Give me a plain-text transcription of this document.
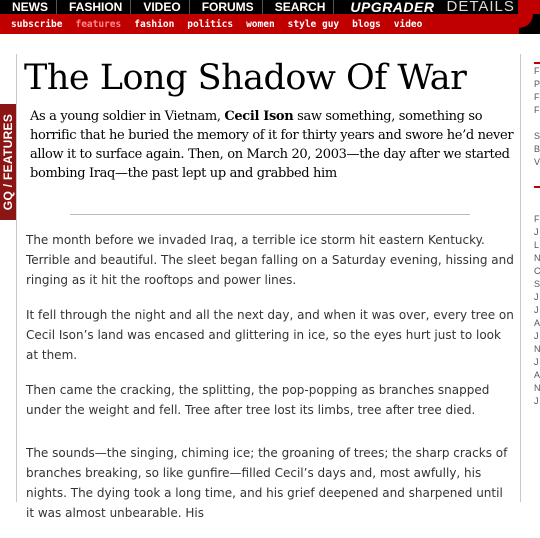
NEWS	FASHION	VIDEO	FORUMS	SEARCH	UPGRADER DETAILS
subscribe features fashion politics women style guy blogs video
GQ / FEATURES
The Long Shadow Of War
As a young soldier in Vietnam, Cecil Ison saw something, something so horrific that he buried the memory of it for thirty years and swore he’d never allow it to surface again. Then, on March 20, 2003—the day after we started bombing Iraq—the past lept up and grabbed him

The month before we invaded Iraq, a terrible ice storm hit eastern Kentucky. Terrible and beautiful. The sleet began falling on a Saturday evening, hissing and ringing as it hit the rooftops and power lines.

It fell through the night and all the next day, and when it was over, every tree on Cecil Ison’s land was encased and glittering in ice, so the eyes hurt just to look at them.

Then came the cracking, the splitting, the pop-popping as branches snapped under the weight and fell. Tree after tree lost its limbs, tree after tree died.

The sounds—the singing, chiming ice; the groaning of trees; the sharp cracks of branches breaking, so like gunfire—filled Cecil’s days and, most awfully, his nights. The dying took a long time, and his grief deepened and sharpened until it was almost unbearable. His

F
P
F
F
S
B
V
F
J
L
N
C
S
J
J
A
J
N
J
A
N
J
